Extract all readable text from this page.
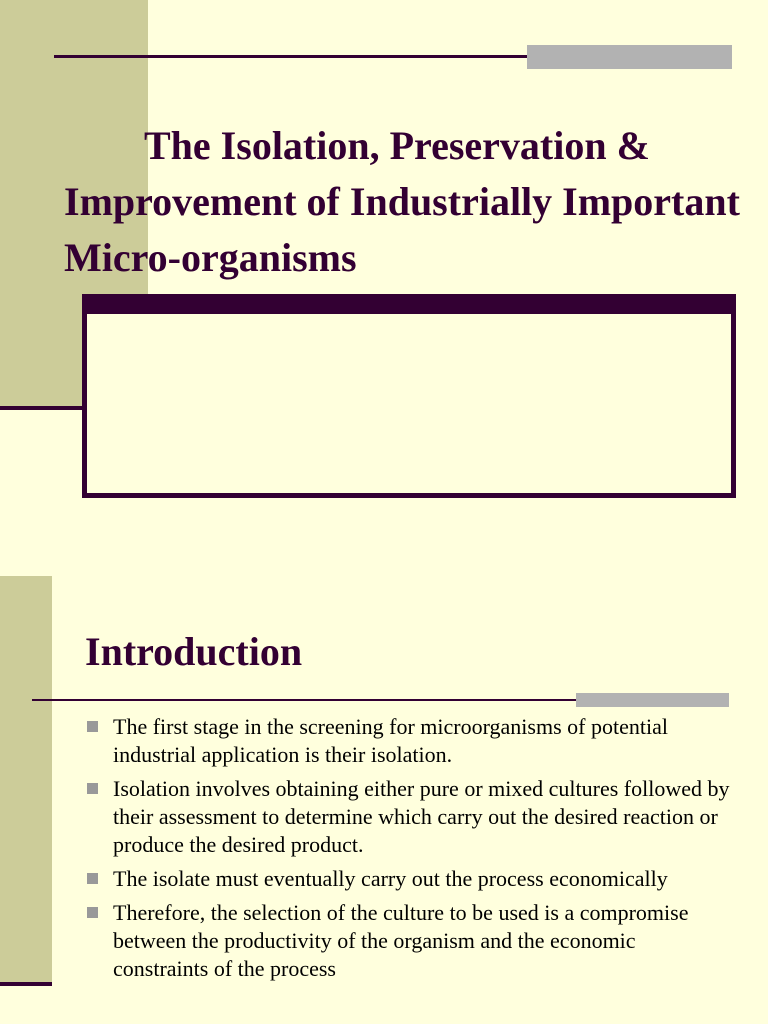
The Isolation, Preservation & Improvement of Industrially Important Micro-organisms
Introduction
The first stage in the screening for microorganisms of potential industrial application is their isolation.
Isolation involves obtaining either pure or mixed cultures followed by their assessment to determine which carry out the desired reaction or produce the desired product.
The isolate must eventually carry out the process economically
Therefore, the selection of the culture to be used is a compromise between the productivity of the organism and the economic constraints of the process
